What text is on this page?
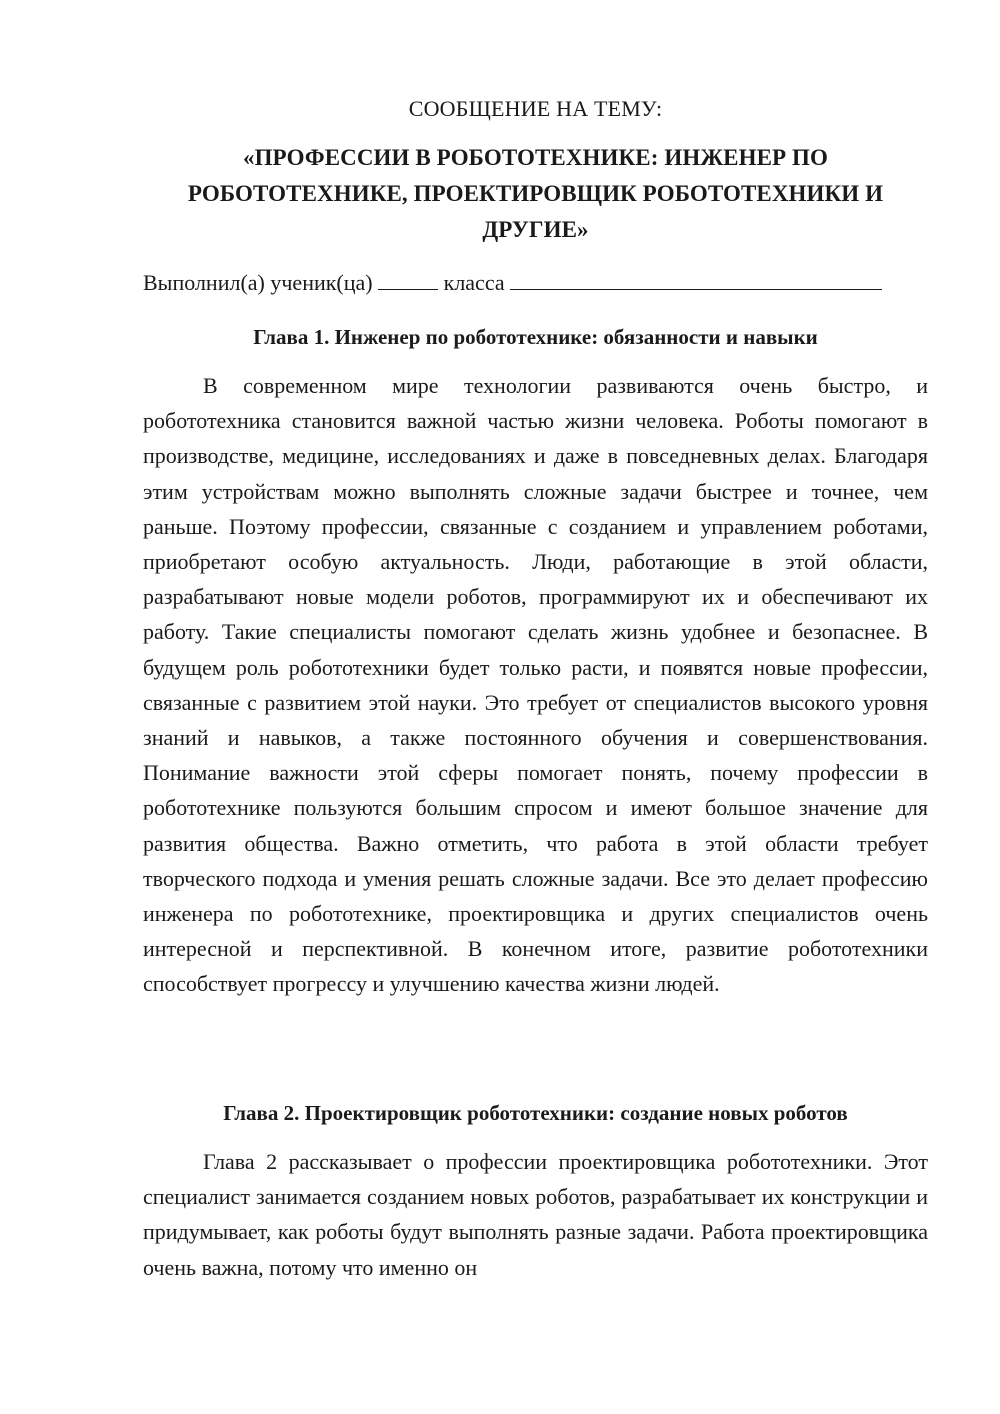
СООБЩЕНИЕ НА ТЕМУ:
«ПРОФЕССИИ В РОБОТОТЕХНИКЕ: ИНЖЕНЕР ПО
РОБОТОТЕХНИКЕ, ПРОЕКТИРОВЩИК РОБОТОТЕХНИКИ И
ДРУГИЕ»
Выполнил(а) ученик(ца)	класса
Глава 1. Инженер по робототехнике: обязанности и навыки

В современном мире технологии развиваются очень быстро, и робототехника становится важной частью жизни человека. Роботы помогают в производстве, медицине, исследованиях и даже в повседневных делах. Благодаря этим устройствам можно выполнять сложные задачи быстрее и точнее, чем раньше. Поэтому профессии, связанные с созданием и управлением роботами, приобретают особую актуальность. Люди, работающие в этой области, разрабатывают новые модели роботов, программируют их и обеспечивают их работу. Такие специалисты помогают сделать жизнь удобнее и безопаснее. В будущем роль робототехники будет только расти, и появятся новые профессии, связанные с развитием этой науки. Это требует от специалистов высокого уровня знаний и навыков, а также постоянного обучения и совершенствования. Понимание важности этой сферы помогает понять, почему профессии в робототехнике пользуются большим спросом и имеют большое значение для развития общества. Важно отметить, что работа в этой области требует творческого подхода и умения решать сложные задачи. Все это делает профессию инженера по робототехнике, проектировщика и других специалистов очень интересной и перспективной. В конечном итоге, развитие робототехники способствует прогрессу и улучшению качества жизни людей.

Глава 2. Проектировщик робототехники: создание новых роботов

Глава 2 рассказывает о профессии проектировщика робототехники. Этот специалист занимается созданием новых роботов, разрабатывает их конструкции и придумывает, как роботы будут выполнять разные задачи. Работа проектировщика очень важна, потому что именно он
